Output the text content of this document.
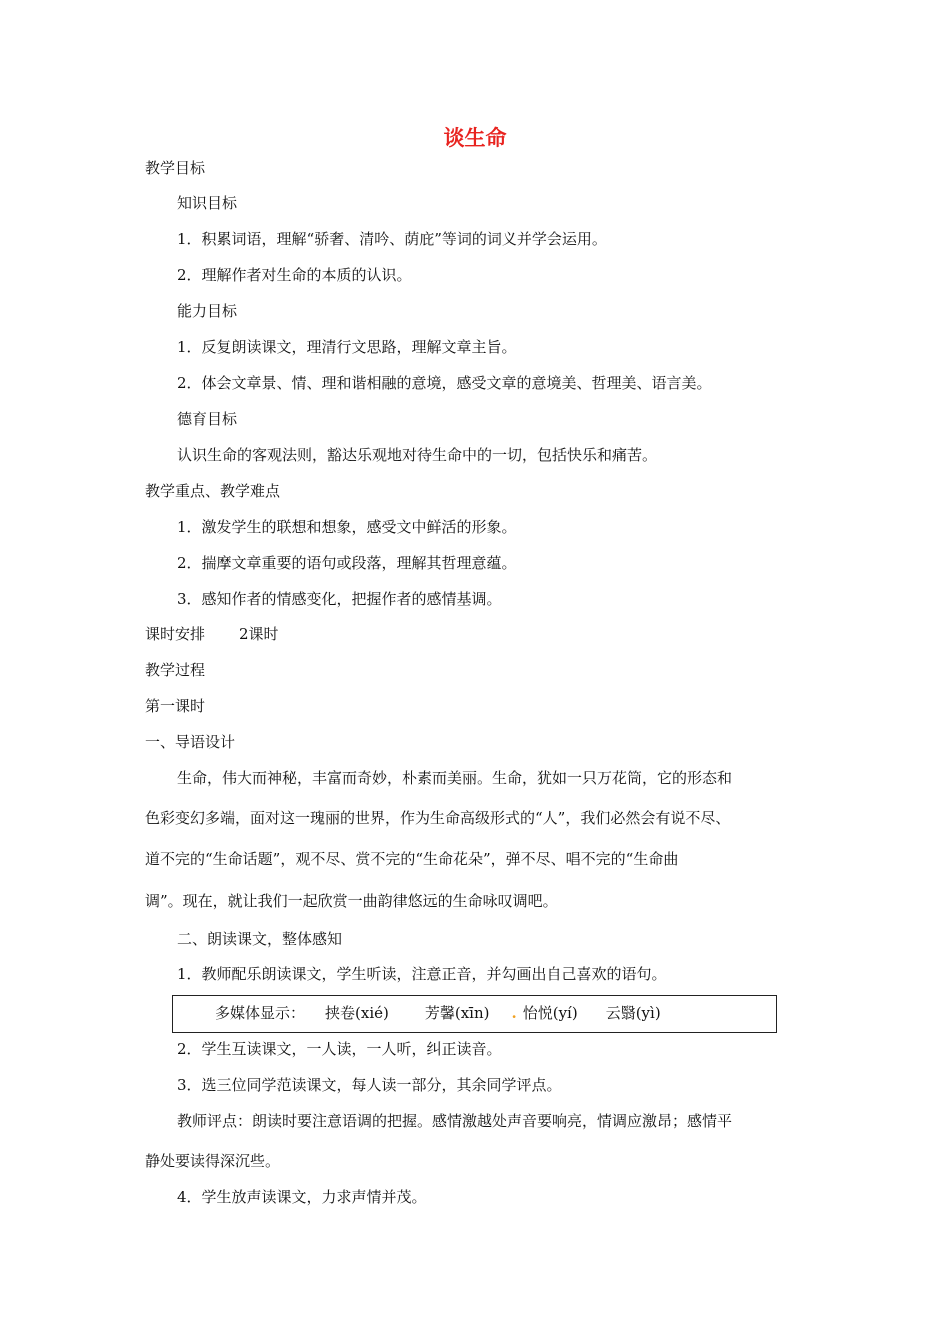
谈生命
教学目标
知识目标
1．积累词语，理解“骄奢、清吟、荫庇”等词的词义并学会运用。
2．理解作者对生命的本质的认识。
能力目标
1．反复朗读课文，理清行文思路，理解文章主旨。
2．体会文章景、情、理和谐相融的意境，感受文章的意境美、哲理美、语言美。
德育目标
认识生命的客观法则，豁达乐观地对待生命中的一切，包括快乐和痛苦。
教学重点、教学难点
1．激发学生的联想和想象，感受文中鲜活的形象。
2．揣摩文章重要的语句或段落，理解其哲理意蕴。
3．感知作者的情感变化，把握作者的感情基调。
课时安排 2课时
教学过程
第一课时
一、导语设计
生命，伟大而神秘，丰富而奇妙，朴素而美丽。生命，犹如一只万花筒，它的形态和
色彩变幻多端，面对这一瑰丽的世界，作为生命高级形式的“人”，我们必然会有说不尽、
道不完的“生命话题”，观不尽、赏不完的“生命花朵”，弹不尽、唱不完的“生命曲
调”。现在，就让我们一起欣赏一曲韵律悠远的生命咏叹调吧。
二、朗读课文，整体感知
1．教师配乐朗读课文，学生听读，注意正音，并勾画出自己喜欢的语句。
多媒体显示： 挟卷(xié) 芳馨(xīn) . 怡悦(yí) 云翳(yì)
2．学生互读课文，一人读，一人听，纠正读音。
3．选三位同学范读课文，每人读一部分，其余同学评点。
教师评点：朗读时要注意语调的把握。感情激越处声音要响亮，情调应激昂；感情平
静处要读得深沉些。
4．学生放声读课文，力求声情并茂。
